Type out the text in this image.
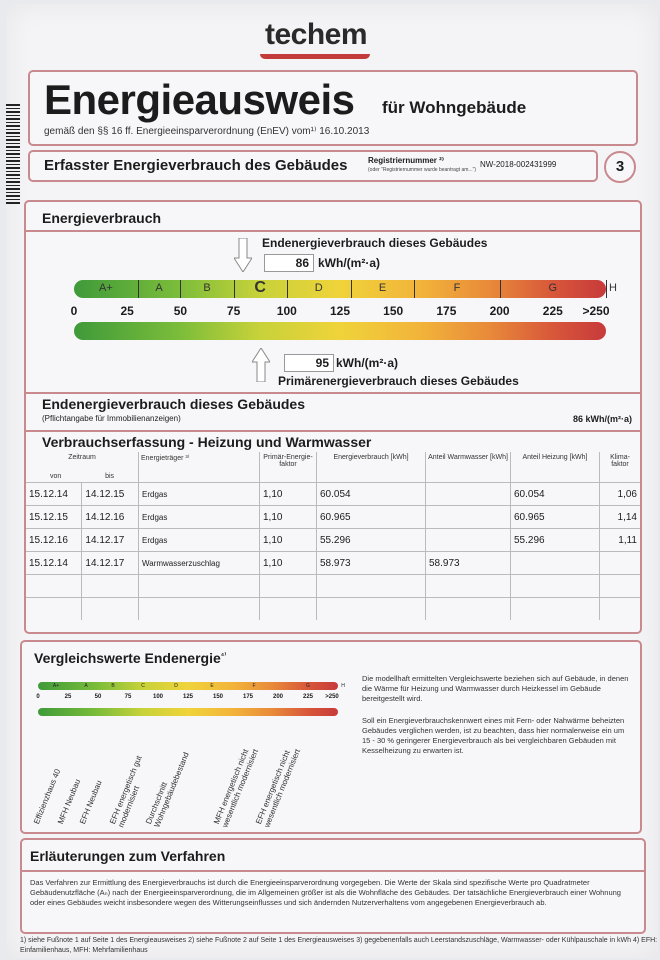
techem
Energieausweis für Wohngebäude
gemäß den §§ 16 ff. Energieeinsparverordnung (EnEV) vom¹⁾ 16.10.2013
Erfasster Energieverbrauch des Gebäudes	Registriernummer ²⁾
(oder "Registriernummer wurde beantragt am...")
NW-2018-002431999	3
Energieverbrauch
Endenergieverbrauch dieses Gebäudes
86 kWh/(m²·a)
A+	A	B	C	D	E	F	G	H
0	25	50	75	100	125	150	175	200	225 >250
95 kWh/(m²·a)
Primärenergieverbrauch dieses Gebäudes
Endenergieverbrauch dieses Gebäudes
(Pflichtangabe für Immobilienanzeigen)	86 kWh/(m²·a)
Verbrauchserfassung - Heizung und Warmwasser
Zeitraum
von bis		Energieträger ³⁾	Primär-Energie-faktor	Energieverbrauch [kWh]	Anteil Warmwasser [kWh]	Anteil Heizung [kWh]	Klima-faktor
15.12.14	14.12.15	Erdgas	1,10	60.054		60.054	1,06
15.12.15	14.12.16	Erdgas	1,10	60.965		60.965	1,14
15.12.16	14.12.17	Erdgas	1,10	55.296		55.296	1,11
15.12.14	14.12.17	Warmwasserzuschlag	1,10	58.973	58.973		

Vergleichswerte Endenergie$^{^{4)}}$
A+	A	B	C	D	E	F	G	H
0	25	50	75	100	125	150	175	200	225 >250
Effizienzhaus 40
MFH Neubau
EFH Neubau EFH energetisch gut modernisiert Durchschnitt Wohngebäudebestand	MFH energetisch nicht wesentlich modernisiert
EFH energetisch nicht wesentlich modernisiert

Die modellhaft ermittelten Vergleichswerte beziehen sich auf Gebäude, in denen die Wärme für Heizung und Warmwasser durch Heizkessel im Gebäude bereitgestellt wird.

Soll ein Energieverbrauchskennwert eines mit Fern- oder Nahwärme beheizten Gebäudes verglichen werden, ist zu beachten, dass hier normalerweise ein um 15 - 30 % geringerer Energieverbrauch als bei vergleichbaren Gebäuden mit Kesselheizung zu erwarten ist.

Erläuterungen zum Verfahren
Das Verfahren zur Ermittlung des Energieverbrauchs ist durch die Energieeinsparverordnung vorgegeben. Die Werte der Skala sind spezifische Werte pro Quadratmeter Gebäudenutzfläche (Aₙ) nach der Energieeinsparverordnung, die im Allgemeinen größer ist als die Wohnfläche des Gebäudes. Der tatsächliche Energieverbrauch einer Wohnung oder eines Gebäudes weicht insbesondere wegen des Witterungseinflusses und sich ändernden Nutzerverhaltens vom angegebenen Energieverbrauch ab.
1) siehe Fußnote 1 auf Seite 1 des Energieausweises 2) siehe Fußnote 2 auf Seite 1 des Energieausweises 3) gegebenenfalls auch Leerstandszuschläge, Warmwasser- oder Kühlpauschale in kWh 4) EFH: Einfamilienhaus, MFH: Mehrfamilienhaus
